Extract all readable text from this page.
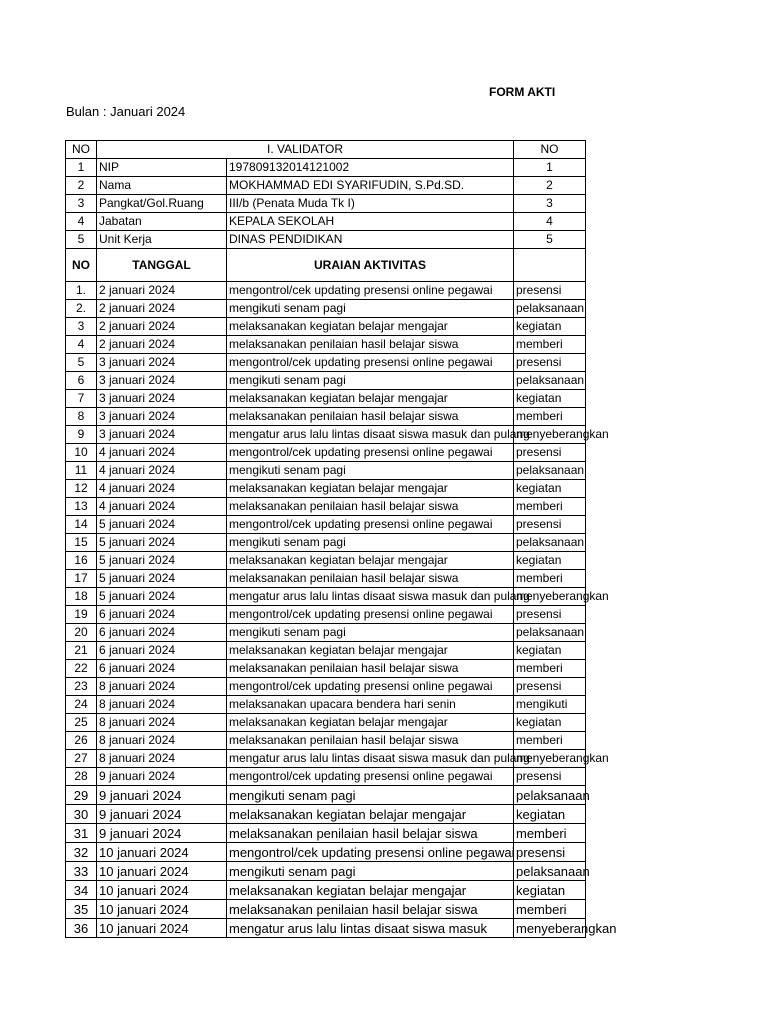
FORM AKTI
Bulan : Januari 2024
NO	I. VALIDATOR		NO
1	NIP	197809132014121002	1
2	Nama	MOKHAMMAD EDI SYARIFUDIN, S.Pd.SD.	2
3	Pangkat/Gol.Ruang	III/b (Penata Muda Tk I)	3
4	Jabatan	KEPALA SEKOLAH	4
5	Unit Kerja	DINAS PENDIDIKAN	5
NO	TANGGAL	URAIAN AKTIVITAS	
1.	2 januari 2024	mengontrol/cek updating presensi online pegawai	presensi
2.	2 januari 2024	mengikuti senam pagi	pelaksanaan
3	2 januari 2024	melaksanakan kegiatan belajar mengajar	kegiatan
4	2 januari 2024	melaksanakan penilaian hasil belajar siswa	memberi
5	3 januari 2024	mengontrol/cek updating presensi online pegawai	presensi
6	3 januari 2024	mengikuti senam pagi	pelaksanaan
7	3 januari 2024	melaksanakan kegiatan belajar mengajar	kegiatan
8	3 januari 2024	melaksanakan penilaian hasil belajar siswa	memberi
9	3 januari 2024	mengatur arus lalu lintas disaat siswa masuk dan pulang	menyeberangkan
10	4 januari 2024	mengontrol/cek updating presensi online pegawai	presensi
11	4 januari 2024	mengikuti senam pagi	pelaksanaan
12	4 januari 2024	melaksanakan kegiatan belajar mengajar	kegiatan
13	4 januari 2024	melaksanakan penilaian hasil belajar siswa	memberi
14	5 januari 2024	mengontrol/cek updating presensi online pegawai	presensi
15	5 januari 2024	mengikuti senam pagi	pelaksanaan
16	5 januari 2024	melaksanakan kegiatan belajar mengajar	kegiatan
17	5 januari 2024	melaksanakan penilaian hasil belajar siswa	memberi
18	5 januari 2024	mengatur arus lalu lintas disaat siswa masuk dan pulang	menyeberangkan
19	6 januari 2024	mengontrol/cek updating presensi online pegawai	presensi
20	6 januari 2024	mengikuti senam pagi	pelaksanaan
21	6 januari 2024	melaksanakan kegiatan belajar mengajar	kegiatan
22	6 januari 2024	melaksanakan penilaian hasil belajar siswa	memberi
23	8 januari 2024	mengontrol/cek updating presensi online pegawai	presensi
24	8 januari 2024	melaksanakan upacara bendera hari senin	mengikuti
25	8 januari 2024	melaksanakan kegiatan belajar mengajar	kegiatan
26	8 januari 2024	melaksanakan penilaian hasil belajar siswa	memberi
27	8 januari 2024	mengatur arus lalu lintas disaat siswa masuk dan pulang	menyeberangkan
28	9 januari 2024	mengontrol/cek updating presensi online pegawai	presensi
29	9 januari 2024	mengikuti senam pagi	pelaksanaan
30	9 januari 2024	melaksanakan kegiatan belajar mengajar	kegiatan
31	9 januari 2024	melaksanakan penilaian hasil belajar siswa	memberi
32	10 januari 2024	mengontrol/cek updating presensi online pegawai	presensi
33	10 januari 2024	mengikuti senam pagi	pelaksanaan
34	10 januari 2024	melaksanakan kegiatan belajar mengajar	kegiatan
35	10 januari 2024	melaksanakan penilaian hasil belajar siswa	memberi
36	10 januari 2024	mengatur arus lalu lintas disaat siswa masuk	menyeberangkan
